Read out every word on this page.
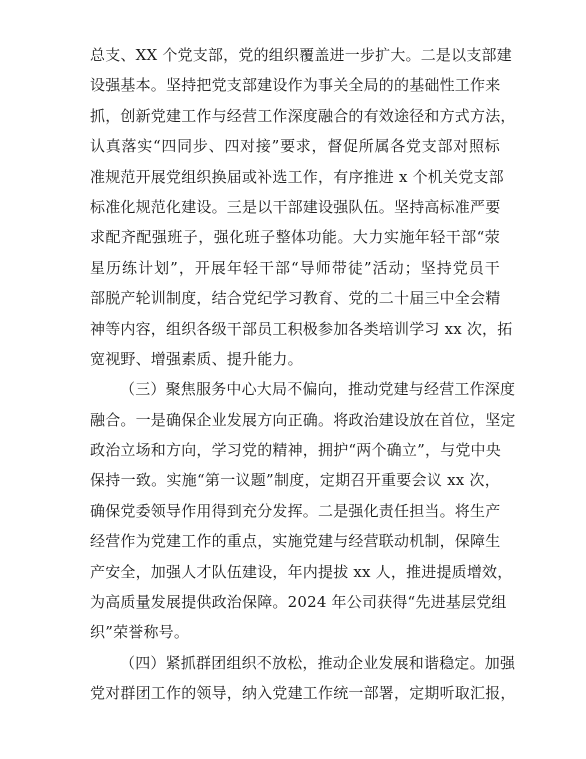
总支、XX 个党支部，党的组织覆盖进一步扩大。二是以支部建
设强基本。坚持把党支部建设作为事关全局的的基础性工作来
抓，创新党建工作与经营工作深度融合的有效途径和方式方法，
认真落实“四同步、四对接”要求，督促所属各党支部对照标
准规范开展党组织换届或补选工作，有序推进 x 个机关党支部
标准化规范化建设。三是以干部建设强队伍。坚持高标准严要
求配齐配强班子，强化班子整体功能。大力实施年轻干部“荥
星历练计划”，开展年轻干部“导师带徒”活动；坚持党员干
部脱产轮训制度，结合党纪学习教育、党的二十届三中全会精
神等内容，组织各级干部员工积极参加各类培训学习 xx 次，拓
宽视野、增强素质、提升能力。
（三）聚焦服务中心大局不偏向，推动党建与经营工作深度
融合。一是确保企业发展方向正确。将政治建设放在首位，坚定
政治立场和方向，学习党的精神，拥护“两个确立”，与党中央
保持一致。实施“第一议题”制度，定期召开重要会议 xx 次，
确保党委领导作用得到充分发挥。二是强化责任担当。将生产
经营作为党建工作的重点，实施党建与经营联动机制，保障生
产安全，加强人才队伍建设，年内提拔 xx 人，推进提质增效，
为高质量发展提供政治保障。2024 年公司获得“先进基层党组
织”荣誉称号。
（四）紧抓群团组织不放松，推动企业发展和谐稳定。加强
党对群团工作的领导，纳入党建工作统一部署，定期听取汇报，
